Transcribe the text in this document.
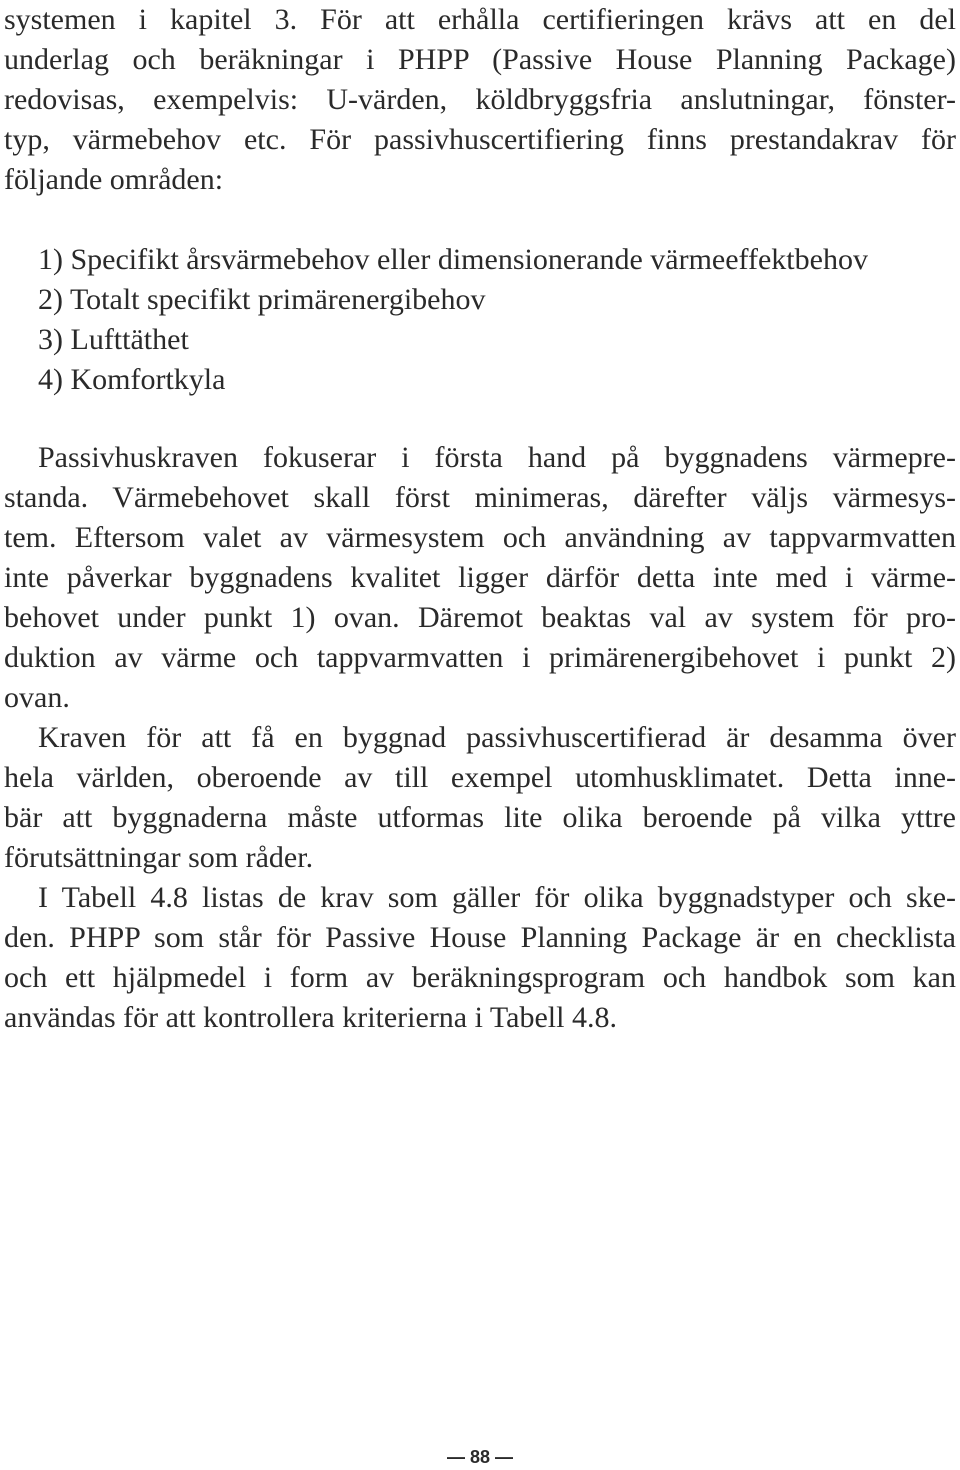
systemen i kapitel 3. För att erhålla certifieringen krävs att en del
underlag och beräkningar i PHPP (Passive House Planning Package)
redovisas, exempelvis: U-värden, köldbryggsfria anslutningar, fönster-
typ, värmebehov etc. För passivhuscertifiering finns prestandakrav för
följande områden:

1) Specifikt årsvärmebehov eller dimensionerande värmeeffektbehov
2) Totalt specifikt primärenergibehov
3) Lufttäthet
4) Komfortkyla

Passivhuskraven fokuserar i första hand på byggnadens värmepre-
standa. Värmebehovet skall först minimeras, därefter väljs värmesys-
tem. Eftersom valet av värmesystem och användning av tappvarmvatten
inte påverkar byggnadens kvalitet ligger därför detta inte med i värme-
behovet under punkt 1) ovan. Däremot beaktas val av system för pro-
duktion av värme och tappvarmvatten i primärenergibehovet i punkt 2)
ovan.

Kraven för att få en byggnad passivhuscertifierad är desamma över
hela världen, oberoende av till exempel utomhusklimatet. Detta inne-
bär att byggnaderna måste utformas lite olika beroende på vilka yttre
förutsättningar som råder.

I Tabell 4.8 listas de krav som gäller för olika byggnadstyper och ske-
den. PHPP som står för Passive House Planning Package är en checklista
och ett hjälpmedel i form av beräkningsprogram och handbok som kan
användas för att kontrollera kriterierna i Tabell 4.8.

— 88 —
